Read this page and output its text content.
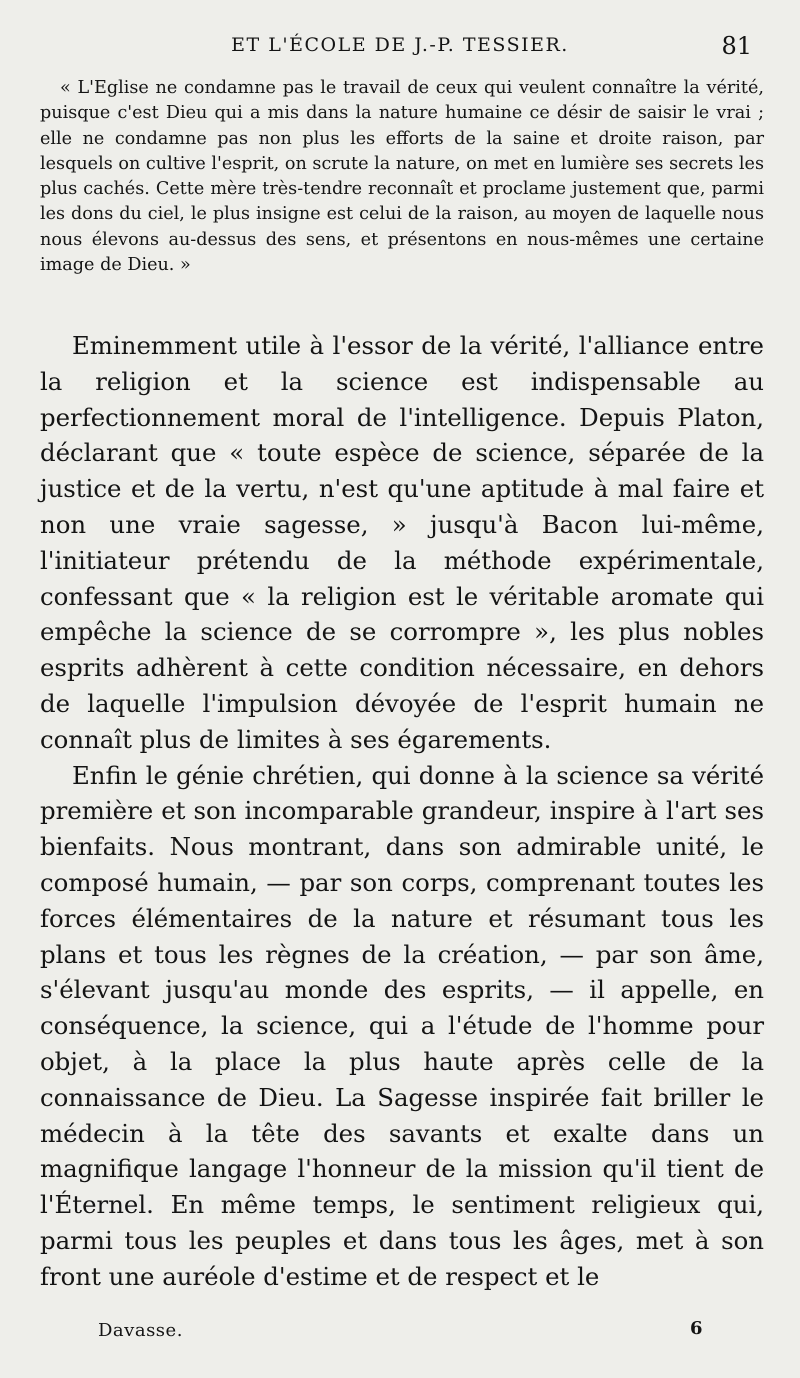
ET L'ÉCOLE DE J.-P. TESSIER.	81

« L'Eglise ne condamne pas le travail de ceux qui veulent connaître la vérité, puisque c'est Dieu qui a mis dans la nature humaine ce désir de saisir le vrai ; elle ne condamne pas non plus les efforts de la saine et droite raison, par lesquels on cultive l'esprit, on scrute la nature, on met en lumière ses secrets les plus cachés. Cette mère très-tendre reconnaît et proclame justement que, parmi les dons du ciel, le plus insigne est celui de la raison, au moyen de laquelle nous nous élevons au-dessus des sens, et présentons en nous-mêmes une certaine image de Dieu. »

Eminemment utile à l'essor de la vérité, l'alliance entre la religion et la science est indispensable au perfectionnement moral de l'intelligence. Depuis Platon, déclarant que « toute espèce de science, séparée de la justice et de la vertu, n'est qu'une aptitude à mal faire et non une vraie sagesse, » jusqu'à Bacon lui-même, l'initiateur prétendu de la méthode expérimentale, confessant que « la religion est le véritable aromate qui empêche la science de se corrompre », les plus nobles esprits adhèrent à cette condition nécessaire, en dehors de laquelle l'impulsion dévoyée de l'esprit humain ne connaît plus de limites à ses égarements.

Enfin le génie chrétien, qui donne à la science sa vérité première et son incomparable grandeur, inspire à l'art ses bienfaits. Nous montrant, dans son admirable unité, le composé humain, — par son corps, comprenant toutes les forces élémentaires de la nature et résumant tous les plans et tous les règnes de la création, — par son âme, s'élevant jusqu'au monde des esprits, — il appelle, en conséquence, la science, qui a l'étude de l'homme pour objet, à la place la plus haute après celle de la connaissance de Dieu. La Sagesse inspirée fait briller le médecin à la tête des savants et exalte dans un magnifique langage l'honneur de la mission qu'il tient de l'Éternel. En même temps, le sentiment religieux qui, parmi tous les peuples et dans tous les âges, met à son front une auréole d'estime et de respect et le

Davasse.	6
